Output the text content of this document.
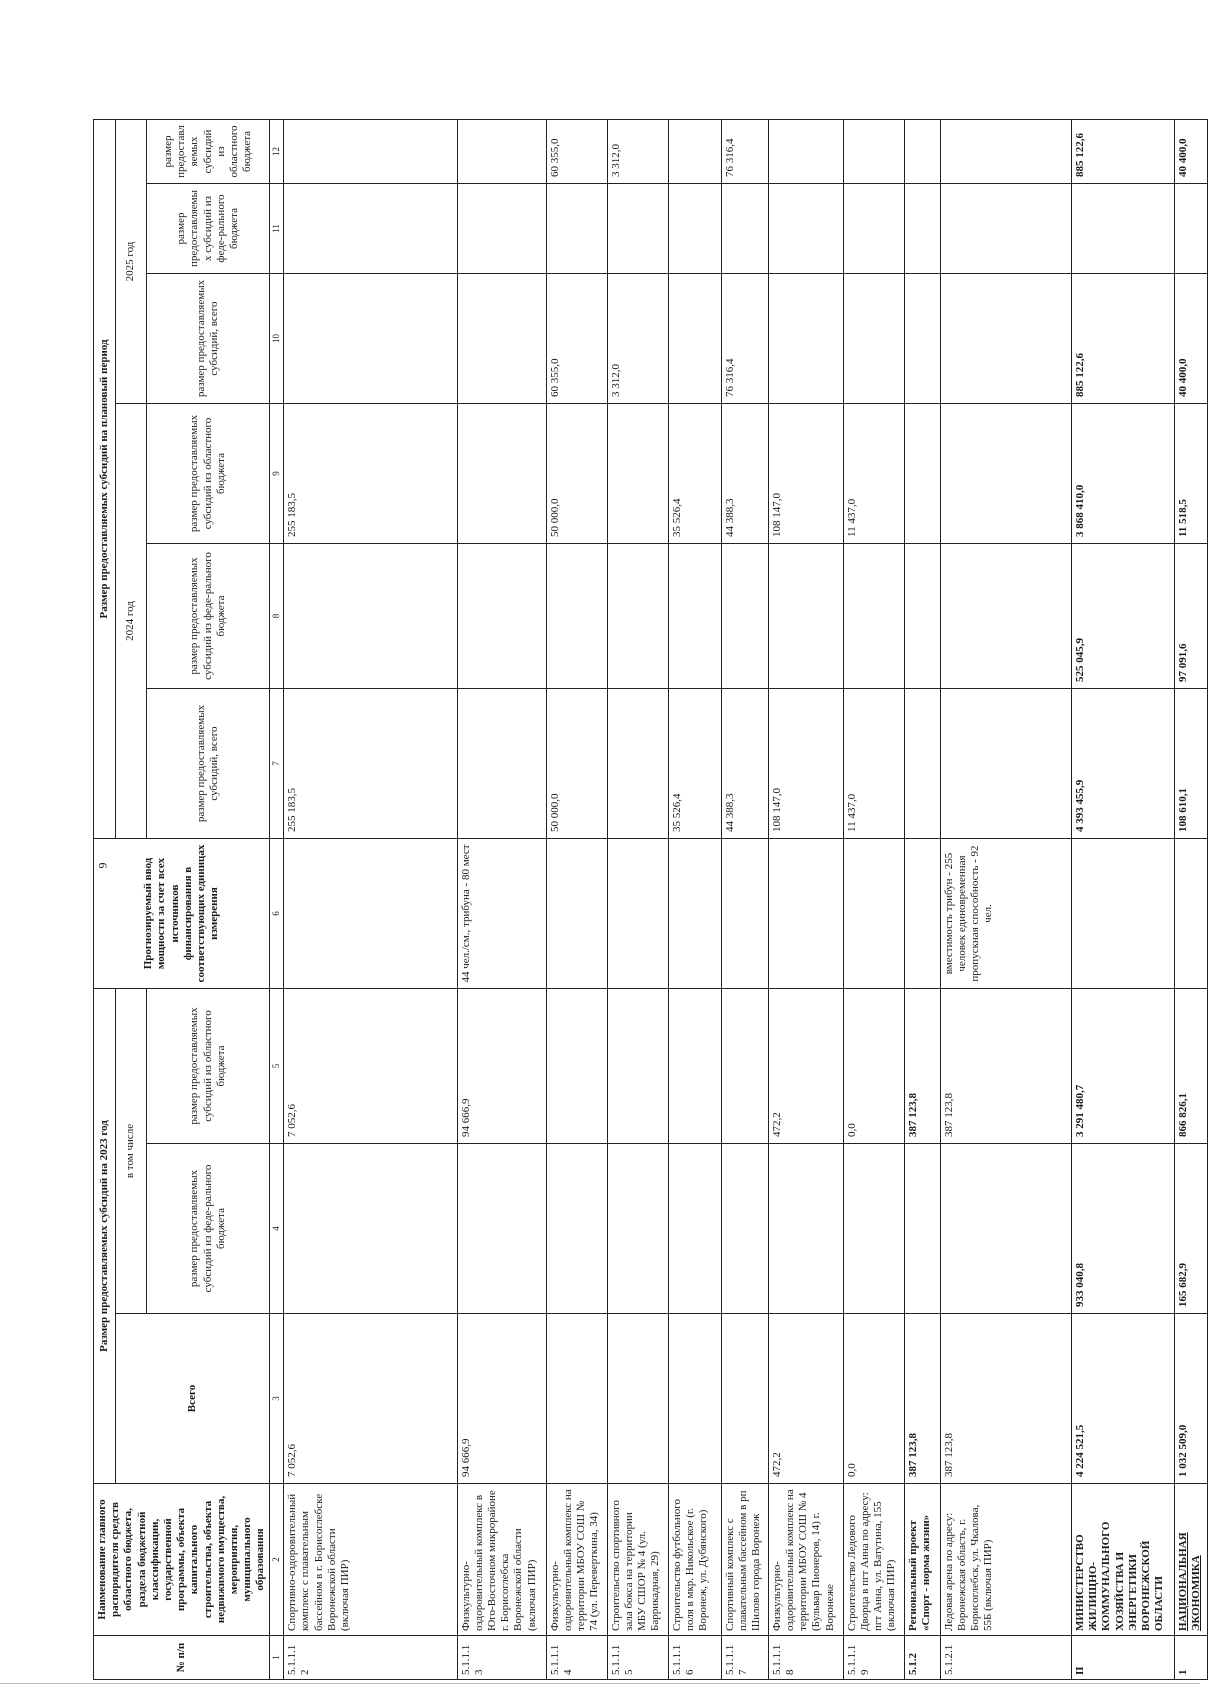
9
№ п/п	Наименование главного распорядителя средств областного бюджета, раздела бюджетной классификации, государственной программы, объекта капитального строительства, объекта недвижимого имущества, мероприятия, муниципального образования	Размер предоставляемых субсидий на 2023 год			Прогнозируемый ввод мощности за счет всех источников финансирования в соответствующих единицах измерения	Размер предоставляемых субсидий на плановый период					
		Всего	в том числе			2024 год			2025 год		
			размер предоставляемых субсидий из феде-рального бюджета	размер предоставляемых субсидий из областного бюджета		размер предоставляемых субсидий, всего	размер предоставляемых субсидий из феде-рального бюджета	размер предоставляемых субсидий из областного бюджета	размер предоставляемых субсидий, всего	размер предоставляемых субсидий из феде-рального бюджета	размер предоставляемых субсидий из областного бюджета

1	2	3	4	5	6	7	8	9	10	11	12
5.1.1.12	Спортивно-оздоровительный комплекс с плавательным бассейном в г. Борисоглебске Воронежской области (включая ПИР)	7 052,6		7 052,6		255 183,5		255 183,5			
5.1.1.13	Физкультурно-оздоровительный комплекс в Юго-Восточном микрорайоне г. Борисоглебска Воронежской области (включая ПИР)	94 666,9		94 666,9	44 чел./см., трибуна - 80 мест						
5.1.1.14	Физкультурно-оздоровительный комплекс на территории МБОУ СОШ № 74 (ул. Переверткина, 34)					50 000,0		50 000,0	60 355,0		60 355,0
5.1.1.15	Строительство спортивного зала бокса на территории МБУ СШОР № 4 (ул. Баррикадная, 29)								3 312,0		3 312,0
5.1.1.16	Строительство футбольного поля в мкр. Никольское (г. Воронеж, ул. Дубянского)					35 526,4		35 526,4			
5.1.1.17	Спортивный комплекс с плавательным бассейном в рп Шилово города Воронеж					44 388,3		44 388,3	76 316,4		76 316,4
5.1.1.18	Физкультурно-оздоровительный комплекс на территории МБОУ СОШ № 4 (Бульвар Пионеров, 14) г. Воронеже	472,2		472,2		108 147,0		108 147,0			
5.1.1.19	Строительство Ледового Дворца в пгт Анна по адресу: пгт Анна, ул. Ватутина, 155 (включая ПИР)	0,0		0,0		11 437,0		11 437,0			
5.1.2	Региональный проект «Спорт - норма жизни»	387 123,8		387 123,8							
5.1.2.1	Ледовая арена по адресу: Воронежская область, г. Борисоглебск, ул. Чкалова, 55Б (включая ПИР)	387 123,8		387 123,8	вместимость трибун - 255 человек единовременная пропускная способность - 92 чел.						
II	МИНИСТЕРСТВО ЖИЛИЩНО-КОММУНАЛЬНОГО ХОЗЯЙСТВА И ЭНЕРГЕТИКИ ВОРОНЕЖСКОЙ ОБЛАСТИ	4 224 521,5	933 040,8	3 291 480,7		4 393 455,9	525 045,9	3 868 410,0	885 122,6		885 122,6
1	НАЦИОНАЛЬНАЯ ЭКОНОМИКА	1 032 509,0	165 682,9	866 826,1		108 610,1	97 091,6	11 518,5	40 400,0		40 400,0
